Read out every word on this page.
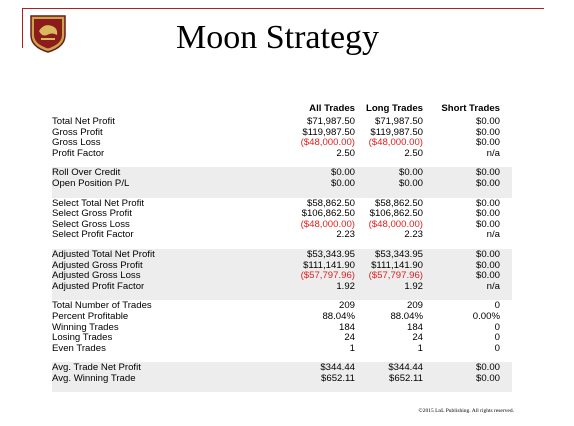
Moon Strategy
All Trades	Long Trades	Short Trades
Total Net Profit	$71,987.50	$71,987.50	$0.00
Gross Profit	$119,987.50	$119,987.50	$0.00
Gross Loss	($48,000.00)	($48,000.00)	$0.00
Profit Factor	2.50	2.50	n/a
Roll Over Credit	$0.00	$0.00	$0.00
Open Position P/L	$0.00	$0.00	$0.00
Select Total Net Profit	$58,862.50	$58,862.50	$0.00
Select Gross Profit	$106,862.50	$106,862.50	$0.00
Select Gross Loss	($48,000.00)	($48,000.00)	$0.00
Select Profit Factor	2.23	2.23	n/a
Adjusted Total Net Profit	$53,343.95	$53,343.95	$0.00
Adjusted Gross Profit	$111,141.90	$111,141.90	$0.00
Adjusted Gross Loss	($57,797.96)	($57,797.96)	$0.00
Adjusted Profit Factor	1.92	1.92	n/a
Total Number of Trades	209	209	0
Percent Profitable	88.04%	88.04%	0.00%
Winning Trades	184	184	0
Losing Trades	24	24	0
Even Trades	1	1	0
Avg. Trade Net Profit	$344.44	$344.44	$0.00
Avg. Winning Trade	$652.11	$652.11	$0.00
©2015 LnL Publishing. All rights reserved.
